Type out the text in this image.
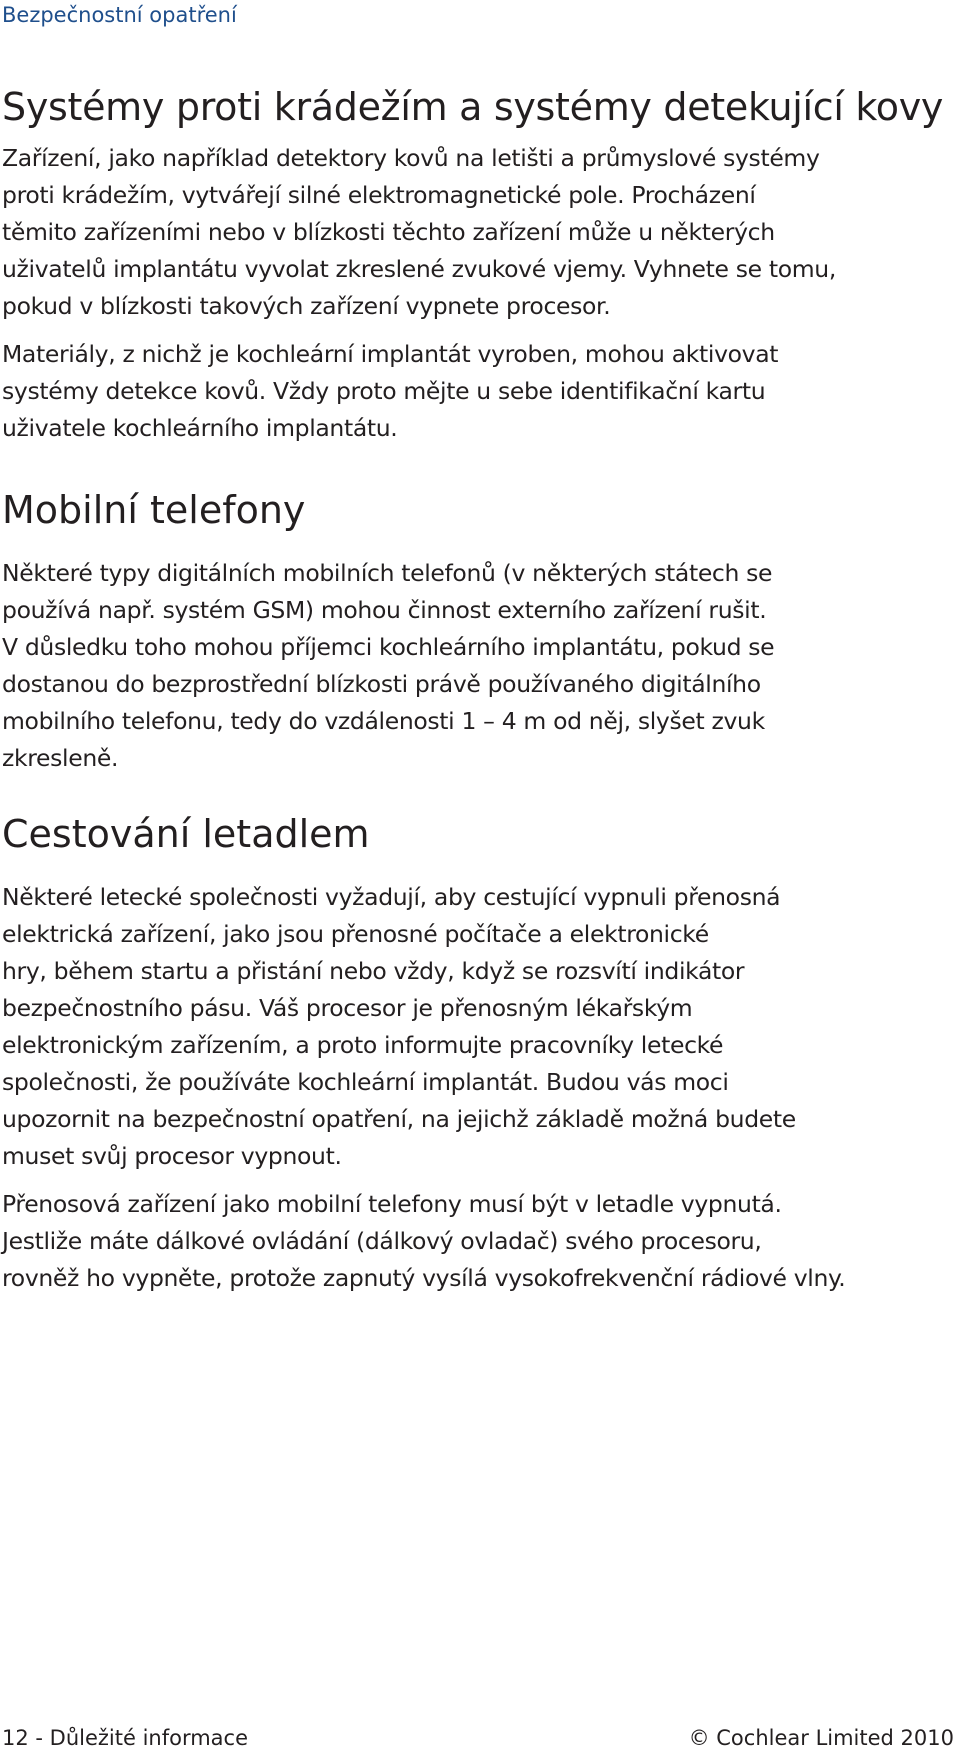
Bezpečnostní opatření
Systémy proti krádežím a systémy detekující kovy

Zařízení, jako například detektory kovů na letišti a průmyslové systémy
proti krádežím, vytvářejí silné elektromagnetické pole. Procházení
těmito zařízeními nebo v blízkosti těchto zařízení může u některých
uživatelů implantátu vyvolat zkreslené zvukové vjemy. Vyhnete se tomu,
pokud v blízkosti takových zařízení vypnete procesor.

Materiály, z nichž je kochleární implantát vyroben, mohou aktivovat
systémy detekce kovů. Vždy proto mějte u sebe identifikační kartu
uživatele kochleárního implantátu.

Mobilní telefony

Některé typy digitálních mobilních telefonů (v některých státech se
používá např. systém GSM) mohou činnost externího zařízení rušit.
V důsledku toho mohou příjemci kochleárního implantátu, pokud se
dostanou do bezprostřední blízkosti právě používaného digitálního
mobilního telefonu, tedy do vzdálenosti 1 – 4 m od něj, slyšet zvuk
zkresleně.

Cestování letadlem

Některé letecké společnosti vyžadují, aby cestující vypnuli přenosná
elektrická zařízení, jako jsou přenosné počítače a elektronické
hry, během startu a přistání nebo vždy, když se rozsvítí indikátor
bezpečnostního pásu. Váš procesor je přenosným lékařským
elektronickým zařízením, a proto informujte pracovníky letecké
společnosti, že používáte kochleární implantát. Budou vás moci
upozornit na bezpečnostní opatření, na jejichž základě možná budete
muset svůj procesor vypnout.

Přenosová zařízení jako mobilní telefony musí být v letadle vypnutá.
Jestliže máte dálkové ovládání (dálkový ovladač) svého procesoru,
rovněž ho vypněte, protože zapnutý vysílá vysokofrekvenční rádiové vlny.

12 - Důležité informace	© Cochlear Limited 2010
